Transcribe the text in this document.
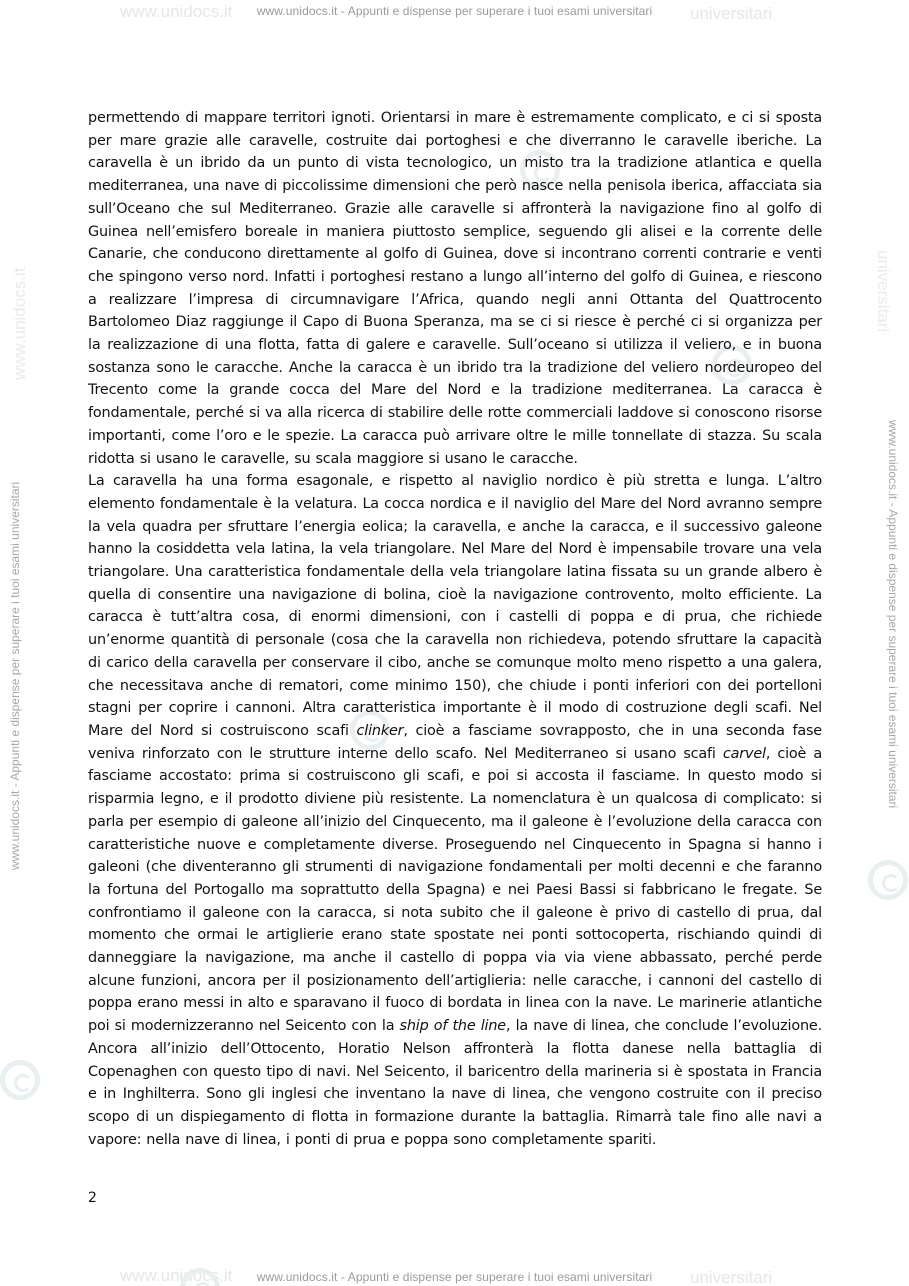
www.unidocs.it	universitari
www.unidocs.it	universitari
www.unidocs.it	universitari
www.unidocs.it - Appunti e dispense per superare i tuoi esami universitari
www.unidocs.it - Appunti e dispense per superare i tuoi esami universitari
www.unidocs.it - Appunti e dispense per superare i tuoi esami universitari	www.unidocs.it - Appunti e dispense per superare i tuoi esami universitari

permettendo di mappare territori ignoti. Orientarsi in mare è estremamente complicato, e ci si sposta per mare grazie alle caravelle, costruite dai portoghesi e che diverranno le caravelle iberiche. La caravella è un ibrido da un punto di vista tecnologico, un misto tra la tradizione atlantica e quella mediterranea, una nave di piccolissime dimensioni che però nasce nella penisola iberica, affacciata sia sull’Oceano che sul Mediterraneo. Grazie alle caravelle si affronterà la navigazione fino al golfo di Guinea nell’emisfero boreale in maniera piuttosto semplice, seguendo gli alisei e la corrente delle Canarie, che conducono direttamente al golfo di Guinea, dove si incontrano correnti contrarie e venti che spingono verso nord. Infatti i portoghesi restano a lungo all’interno del golfo di Guinea, e riescono a realizzare l’impresa di circumnavigare l’Africa, quando negli anni Ottanta del Quattrocento Bartolomeo Diaz raggiunge il Capo di Buona Speranza, ma se ci si riesce è perché ci si organizza per la realizzazione di una flotta, fatta di galere e caravelle. Sull’oceano si utilizza il veliero, e in buona sostanza sono le caracche. Anche la caracca è un ibrido tra la tradizione del veliero nordeuropeo del Trecento come la grande cocca del Mare del Nord e la tradizione mediterranea. La caracca è fondamentale, perché si va alla ricerca di stabilire delle rotte commerciali laddove si conoscono risorse importanti, come l’oro e le spezie. La caracca può arrivare oltre le mille tonnellate di stazza. Su scala ridotta si usano le caravelle, su scala maggiore si usano le caracche.

La caravella ha una forma esagonale, e rispetto al naviglio nordico è più stretta e lunga. L’altro elemento fondamentale è la velatura. La cocca nordica e il naviglio del Mare del Nord avranno sempre la vela quadra per sfruttare l’energia eolica; la caravella, e anche la caracca, e il successivo galeone hanno la cosiddetta vela latina, la vela triangolare. Nel Mare del Nord è impensabile trovare una vela triangolare. Una caratteristica fondamentale della vela triangolare latina fissata su un grande albero è quella di consentire una navigazione di bolina, cioè la navigazione controvento, molto efficiente. La caracca è tutt’altra cosa, di enormi dimensioni, con i castelli di poppa e di prua, che richiede un’enorme quantità di personale (cosa che la caravella non richiedeva, potendo sfruttare la capacità di carico della caravella per conservare il cibo, anche se comunque molto meno rispetto a una galera, che necessitava anche di rematori, come minimo 150), che chiude i ponti inferiori con dei portelloni stagni per coprire i cannoni. Altra caratteristica importante è il modo di costruzione degli scafi. Nel Mare del Nord si costruiscono scafi clinker, cioè a fasciame sovrapposto, che in una seconda fase veniva rinforzato con le strutture interne dello scafo. Nel Mediterraneo si usano scafi carvel, cioè a fasciame accostato: prima si costruiscono gli scafi, e poi si accosta il fasciame. In questo modo si risparmia legno, e il prodotto diviene più resistente. La nomenclatura è un qualcosa di complicato: si parla per esempio di galeone all’inizio del Cinquecento, ma il galeone è l’evoluzione della caracca con caratteristiche nuove e completamente diverse. Proseguendo nel Cinquecento in Spagna si hanno i galeoni (che diventeranno gli strumenti di navigazione fondamentali per molti decenni e che faranno la fortuna del Portogallo ma soprattutto della Spagna) e nei Paesi Bassi si fabbricano le fregate. Se confrontiamo il galeone con la caracca, si nota subito che il galeone è privo di castello di prua, dal momento che ormai le artiglierie erano state spostate nei ponti sottocoperta, rischiando quindi di danneggiare la navigazione, ma anche il castello di poppa via via viene abbassato, perché perde alcune funzioni, ancora per il posizionamento dell’artiglieria: nelle caracche, i cannoni del castello di poppa erano messi in alto e sparavano il fuoco di bordata in linea con la nave. Le marinerie atlantiche poi si modernizzeranno nel Seicento con la ship of the line, la nave di linea, che conclude l’evoluzione. Ancora all’inizio dell’Ottocento, Horatio Nelson affronterà la flotta danese nella battaglia di Copenaghen con questo tipo di navi. Nel Seicento, il baricentro della marineria si è spostata in Francia e in Inghilterra. Sono gli inglesi che inventano la nave di linea, che vengono costruite con il preciso scopo di un dispiegamento di flotta in formazione durante la battaglia. Rimarrà tale fino alle navi a vapore: nella nave di linea, i ponti di prua e poppa sono completamente spariti.

2
